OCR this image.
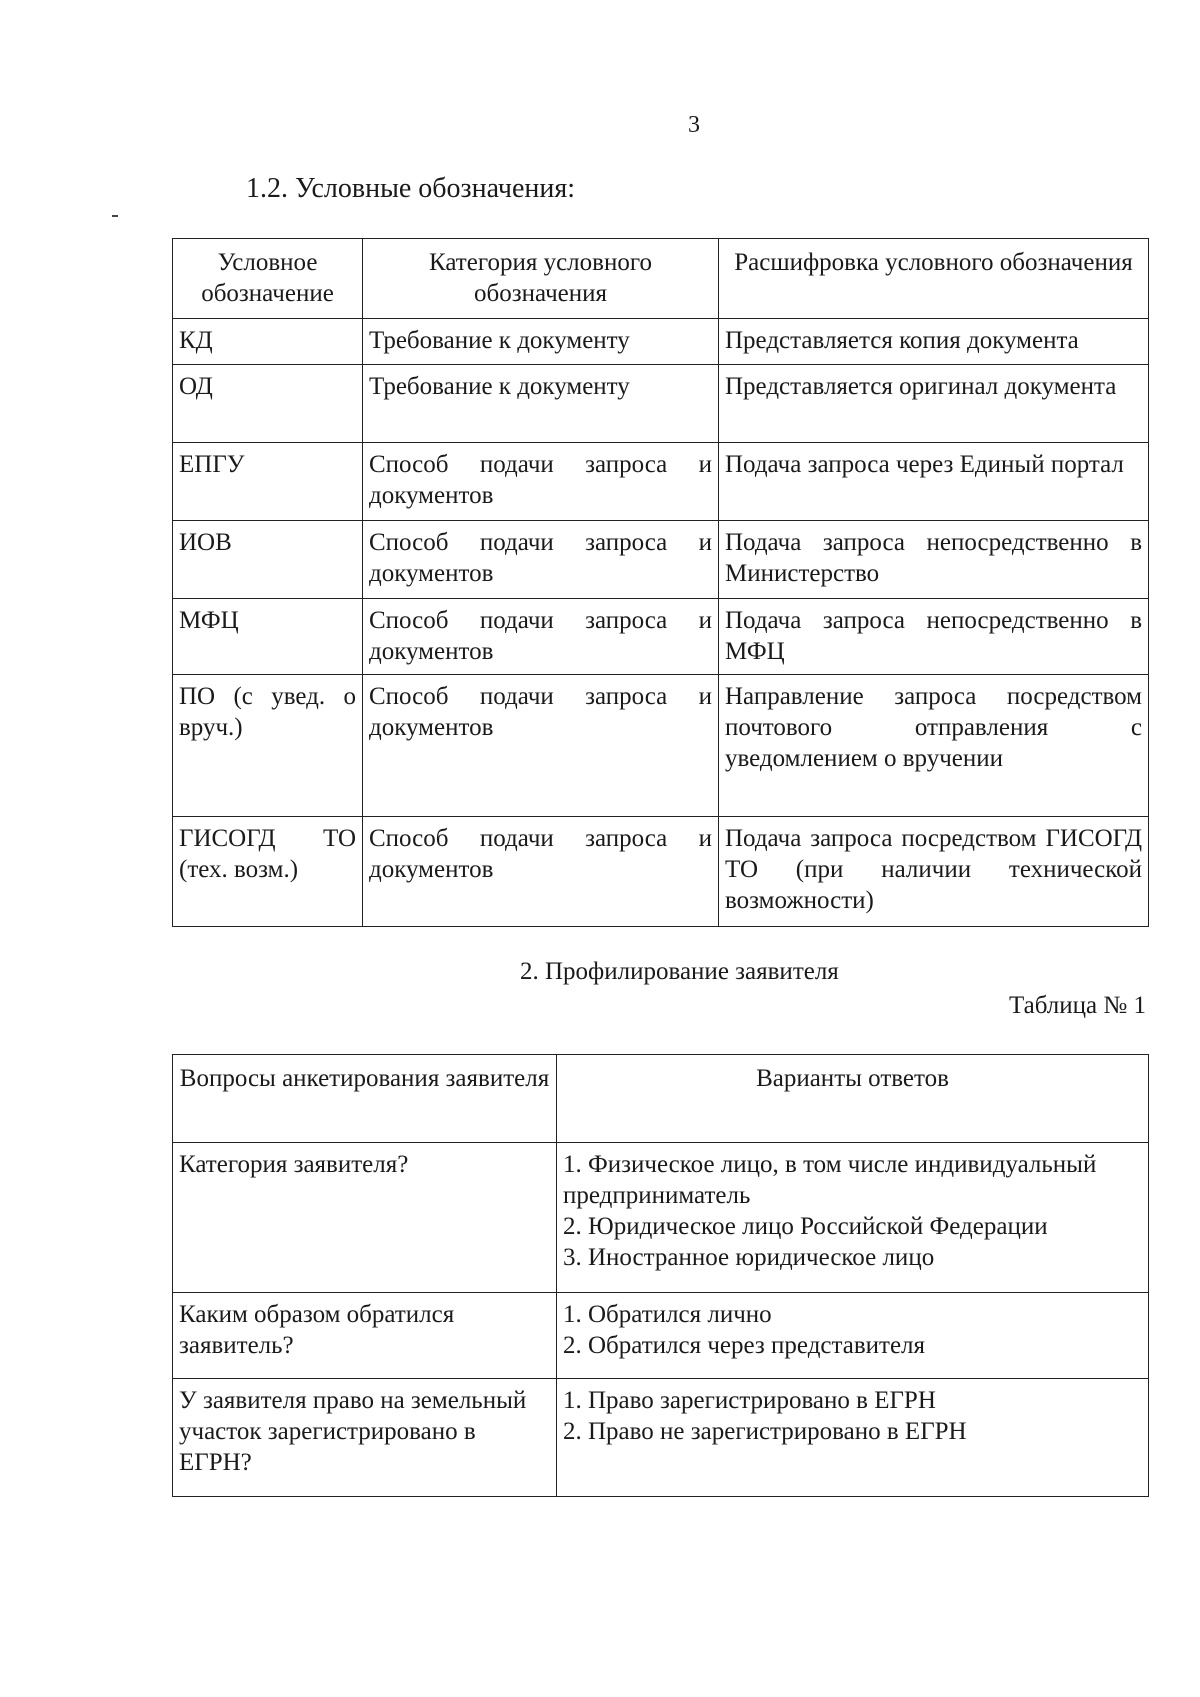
3
1.2. Условные обозначения:
Условное обозначение	Категория условного обозначения	Расшифровка условного обозначения
КД	Требование к документу	Представляется копия документа
ОД	Требование к документу	Представляется оригинал документа
ЕПГУ	Способ подачи запроса и документов	Подача запроса через Единый портал
ИОВ	Способ подачи запроса и документов	Подача запроса непосредственно в Министерство
МФЦ	Способ подачи запроса и документов	Подача запроса непосредственно в МФЦ
ПО (с увед. о вруч.)	Способ подачи запроса и документов	Направление запроса посредством почтового отправления с уведомлением о вручении
ГИСОГД ТО (тех. возм.)	Способ подачи запроса и документов	Подача запроса посредством ГИСОГД ТО (при наличии технической возможности)
2. Профилирование заявителя
Таблица № 1
Вопросы анкетирования заявителя	Варианты ответов
Категория заявителя?	1. Физическое лицо, в том числе индивидуальный предприниматель
2. Юридическое лицо Российской Федерации
3. Иностранное юридическое лицо

Каким образом обратился заявитель?	1. Обратился лично
2. Обратился через представителя

У заявителя право на земельный участок зарегистрировано в ЕГРН?	1. Право зарегистрировано в ЕГРН
2. Право не зарегистрировано в ЕГРН
